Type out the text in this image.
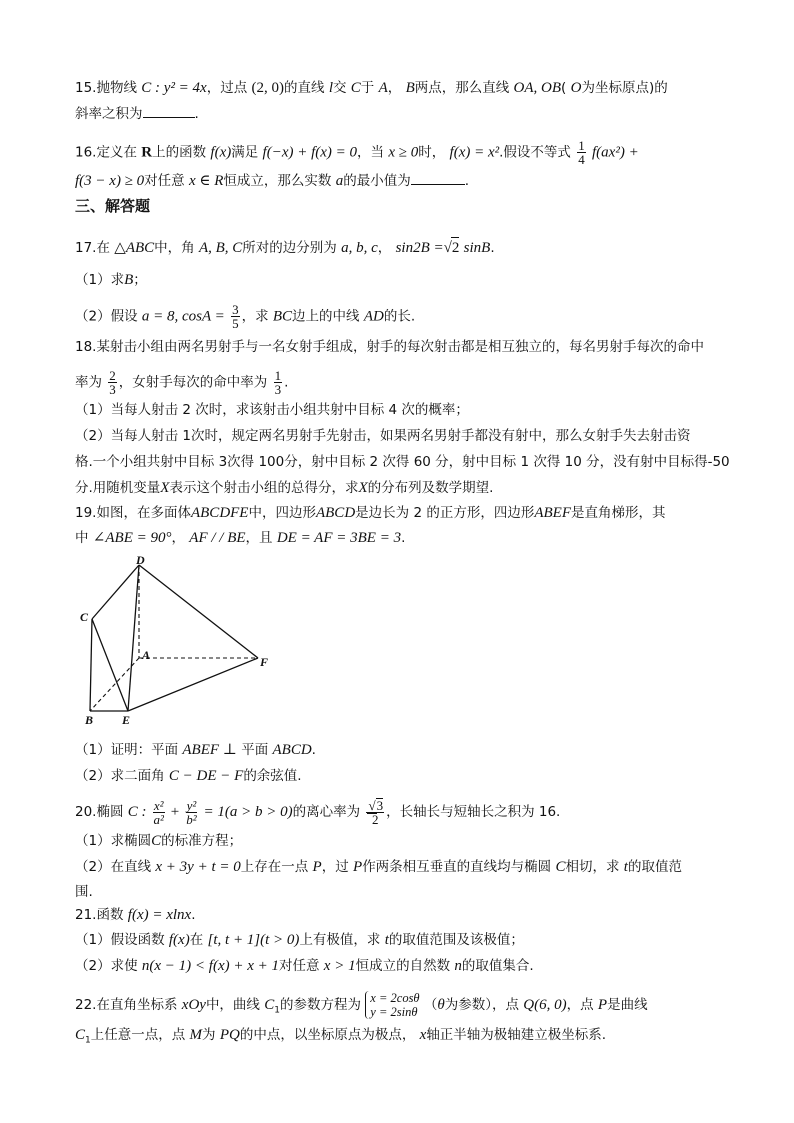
15.抛物线 C : y² = 4x，过点 (2, 0)的直线 l交 C于 A， B两点，那么直线 OA, OB( O为坐标原点)的
斜率之积为	.
16.定义在 R上的函数 f(x)满足 f(−x) + f(x) = 0，当 x ≥ 0时， f(x) = x².假设不等式 $\frac{1}{4} f(ax^2)$ +
f(3 − x) ≥ 0对任意 x ∈ R恒成立，那么实数 a的最小值为	.
三、解答题
17.在 △ABC中，角 A, B, C所对的边分别为 a, b, c， sin2B =√2 sinB.
（1）求B；
（2）假设 a = 8, $\cos A = \frac{3}{5}$ ，求 BC边上的中线 AD的长.
18.某射击小组由两名男射手与一名女射手组成，射手的每次射击都是相互独立的，每名男射手每次的命中
率为 $\frac{2}{3}$ ，女射手每次的命中率为 $\frac{1}{3}$ .
（1）当每人射击 2 次时，求该射击小组共射中目标 4 次的概率；
（2）当每人射击 1次时，规定两名男射手先射击，如果两名男射手都没有射中，那么女射手失去射击资
格.一个小组共射中目标 3次得 100分，射中目标 2 次得 60 分，射中目标 1 次得 10 分，没有射中目标得-50
分.用随机变量X表示这个射击小组的总得分，求X的分布列及数学期望.
19.如图，在多面体ABCDFE中，四边形ABCD是边长为 2 的正方形，四边形ABEF是直角梯形，其
中 ∠ABE = 90°， AF / / BE，且 DE = AF = 3BE = 3.
D
C
A	F
B E
（1）证明：平面 ABEF ⊥ 平面 ABCD.
（2）求二面角 C − DE − F的余弦值.
20.椭圆 C : $\frac{\text{x²}}{\text{a²}} + \frac{\text{y²}}{\text{b²}} = 1(a > b > 0)$的离心率为 $\frac{√3}{2}$ ，长轴长与短轴长之积为 16.
（1）求椭圆C的标准方程；
（2）在直线 x + 3y + t = 0上存在一点 P，过 P作两条相互垂直的直线均与椭圆 C相切，求 t的取值范
围.
21.函数 f(x) = xlnx.
（1）假设函数 f(x)在 [t, t + 1](t > 0)上有极值，求 t的取值范围及该极值；
（2）求使 n(x − 1) < f(x) + x + 1对任意 x > 1恒成立的自然数 n的取值集合.
22.在直角坐标系 xOy中，曲线 $C_1$的参数方程为 x = 2cosθ
y = 2sinθ （θ为参数），点 Q(6, 0)，点 P是曲线
$C_1$上任意一点，点 M为 PQ的中点，以坐标原点为极点， x轴正半轴为极轴建立极坐标系.
